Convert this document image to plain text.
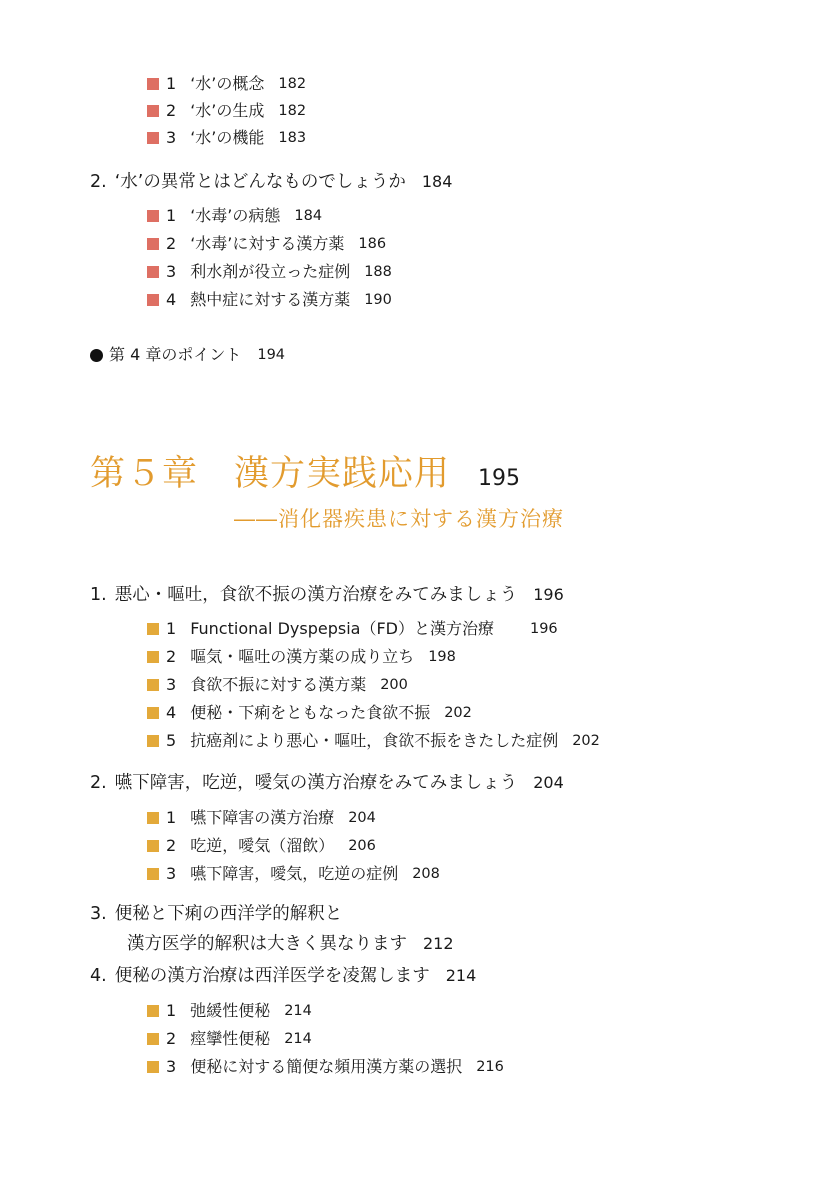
1 ‘水’の概念 182
2 ‘水’の生成 182
3 ‘水’の機能 183
2. ‘水’の異常とはどんなものでしょうか 184
1 ‘水毒’の病態 184
2 ‘水毒’に対する漢方薬 186
3 利水剤が役立った症例 188
4 熱中症に対する漢方薬 190
第 4 章のポイント 194
第５章　漢方実践応用 195
――消化器疾患に対する漢方治療
1. 悪心・嘔吐，食欲不振の漢方治療をみてみましょう 196
1 Functional Dyspepsia（FD）と漢方治療 196
2 嘔気・嘔吐の漢方薬の成り立ち 198
3 食欲不振に対する漢方薬 200
4 便秘・下痢をともなった食欲不振 202
5 抗癌剤により悪心・嘔吐，食欲不振をきたした症例 202
2. 嚥下障害，吃逆，噯気の漢方治療をみてみましょう 204
1 嚥下障害の漢方治療 204
2 吃逆，噯気（溜飲） 206
3 嚥下障害，噯気，吃逆の症例 208
3. 便秘と下痢の西洋学的解釈と
漢方医学的解釈は大きく異なります 212
4. 便秘の漢方治療は西洋医学を凌駕します 214
1 弛緩性便秘 214
2 痙攣性便秘 214
3 便秘に対する簡便な頻用漢方薬の選択 216
